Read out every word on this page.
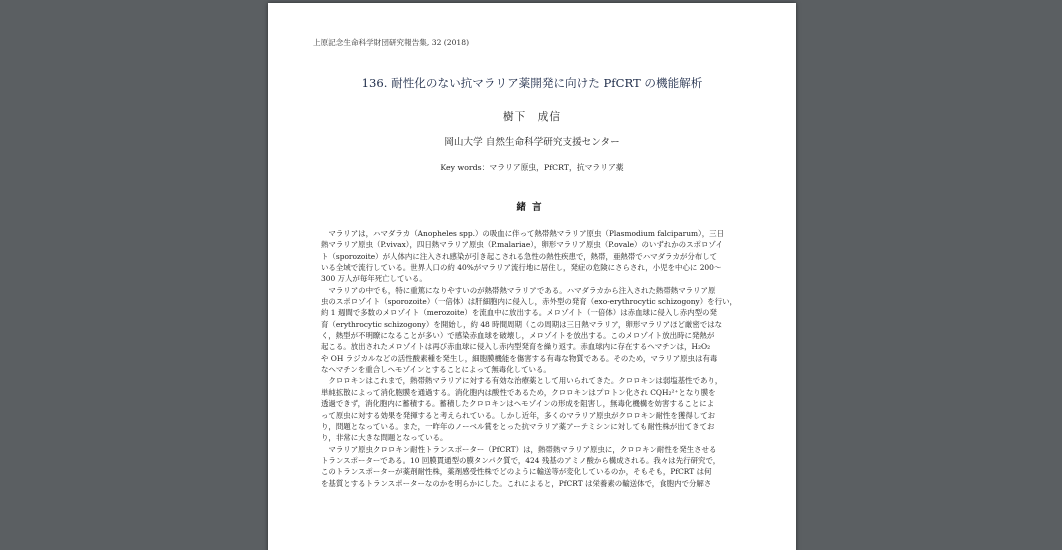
上原記念生命科学財団研究報告集, 32 (2018)
136. 耐性化のない抗マラリア薬開発に向けた PfCRT の機能解析
樹下　成信
岡山大学 自然生命科学研究支援センター
Key words：マラリア原虫，PfCRT，抗マラリア薬
緒言
　マラリアは，ハマダラカ（Anopheles spp.）の吸血に伴って熱帯熱マラリア原虫（Plasmodium falciparum），三日
熱マラリア原虫（P.vivax），四日熱マラリア原虫（P.malariae），卵形マラリア原虫（P.ovale）のいずれかのスポロゾイ
ト（sporozoite）が人体内に注入され感染が引き起こされる急性の熱性疾患で，熱帯，亜熱帯でハマダラカが分布して
いる全域で流行している。世界人口の約 40%がマラリア流行地に居住し，発症の危険にさらされ，小児を中心に 200～
300 万人が毎年死亡している。
　マラリアの中でも，特に重篤になりやすいのが熱帯熱マラリアである。ハマダラカから注入された熱帯熱マラリア原
虫のスポロゾイト（sporozoite）（一倍体）は肝細胞内に侵入し，赤外型の発育（exo-erythrocytic schizogony）を行い，
約 1 週間で多数のメロゾイト（merozoite）を流血中に放出する。メロゾイト（一倍体）は赤血球に侵入し赤内型の発
育（erythrocytic schizogony）を開始し，約 48 時間周期（この周期は三日熱マラリア，卵形マラリアほど厳密ではな
く，熱型が不明瞭になることが多い）で感染赤血球を破壊し，メロゾイトを放出する。このメロゾイト放出時に発熱が
起こる。放出されたメロゾイトは再び赤血球に侵入し赤内型発育を繰り返す。赤血球内に存在するヘマチンは，H₂O₂
や OH ラジカルなどの活性酸素種を発生し，細胞膜機能を傷害する有毒な物質である。そのため，マラリア原虫は有毒
なヘマチンを重合しヘモゾインとすることによって無毒化している。
　クロロキンはこれまで，熱帯熱マラリアに対する有効な治療薬として用いられてきた。クロロキンは弱塩基性であり，
単純拡散によって消化胞膜を通過する。消化胞内は酸性であるため，クロロキンはプロトン化され CQH₂²⁺となり膜を
透過できず，消化胞内に蓄積する。蓄積したクロロキンはヘモゾインの形成を阻害し，無毒化機構を妨害することによ
って原虫に対する効果を発揮すると考えられている。しかし近年，多くのマラリア原虫がクロロキン耐性を獲得してお
り，問題となっている。また，一昨年のノーベル賞をとった抗マラリア薬アーテミシンに対しても耐性株が出てきてお
り，非常に大きな問題となっている。
　マラリア原虫クロロキン耐性トランスポーター（PfCRT）は，熱帯熱マラリア原虫に，クロロキン耐性を発生させる
トランスポーターである。10 回膜貫通型の膜タンパク質で，424 残基のアミノ酸から構成される。我々は先行研究で，
このトランスポーターが薬剤耐性株，薬剤感受性株でどのように輸送等が変化しているのか，そもそも，PfCRT は何
を基質とするトランスポーターなのかを明らかにした。これによると，PfCRT は栄養素の輸送体で，食胞内で分解さ
